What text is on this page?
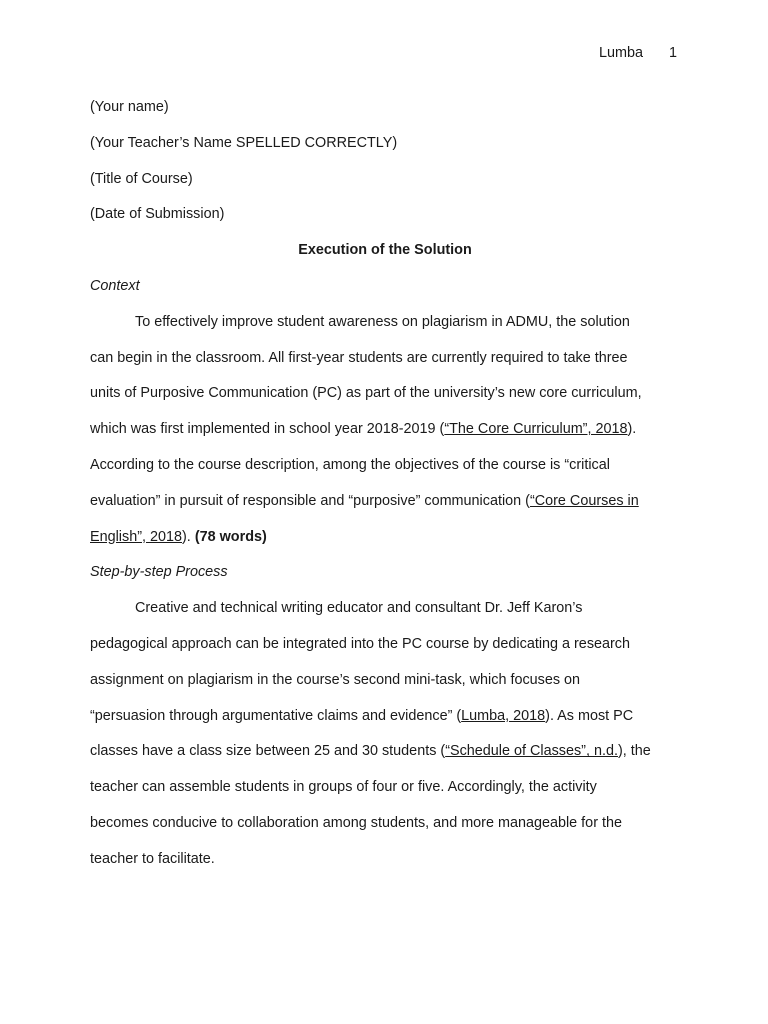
Lumba 1

(Your name)

(Your Teacher’s Name SPELLED CORRECTLY)

(Title of Course)

(Date of Submission)

Execution of the Solution

Context

To effectively improve student awareness on plagiarism in ADMU, the solution

can begin in the classroom. All first-year students are currently required to take three

units of Purposive Communication (PC) as part of the university’s new core curriculum,

which was first implemented in school year 2018-2019 (“The Core Curriculum”, 2018).

According to the course description, among the objectives of the course is “critical

evaluation” in pursuit of responsible and “purposive” communication (“Core Courses in

English”, 2018). (78 words)

Step-by-step Process

Creative and technical writing educator and consultant Dr. Jeff Karon’s

pedagogical approach can be integrated into the PC course by dedicating a research

assignment on plagiarism in the course’s second mini-task, which focuses on

“persuasion through argumentative claims and evidence” (Lumba, 2018). As most PC

classes have a class size between 25 and 30 students (“Schedule of Classes”, n.d.), the

teacher can assemble students in groups of four or five. Accordingly, the activity

becomes conducive to collaboration among students, and more manageable for the

teacher to facilitate.
